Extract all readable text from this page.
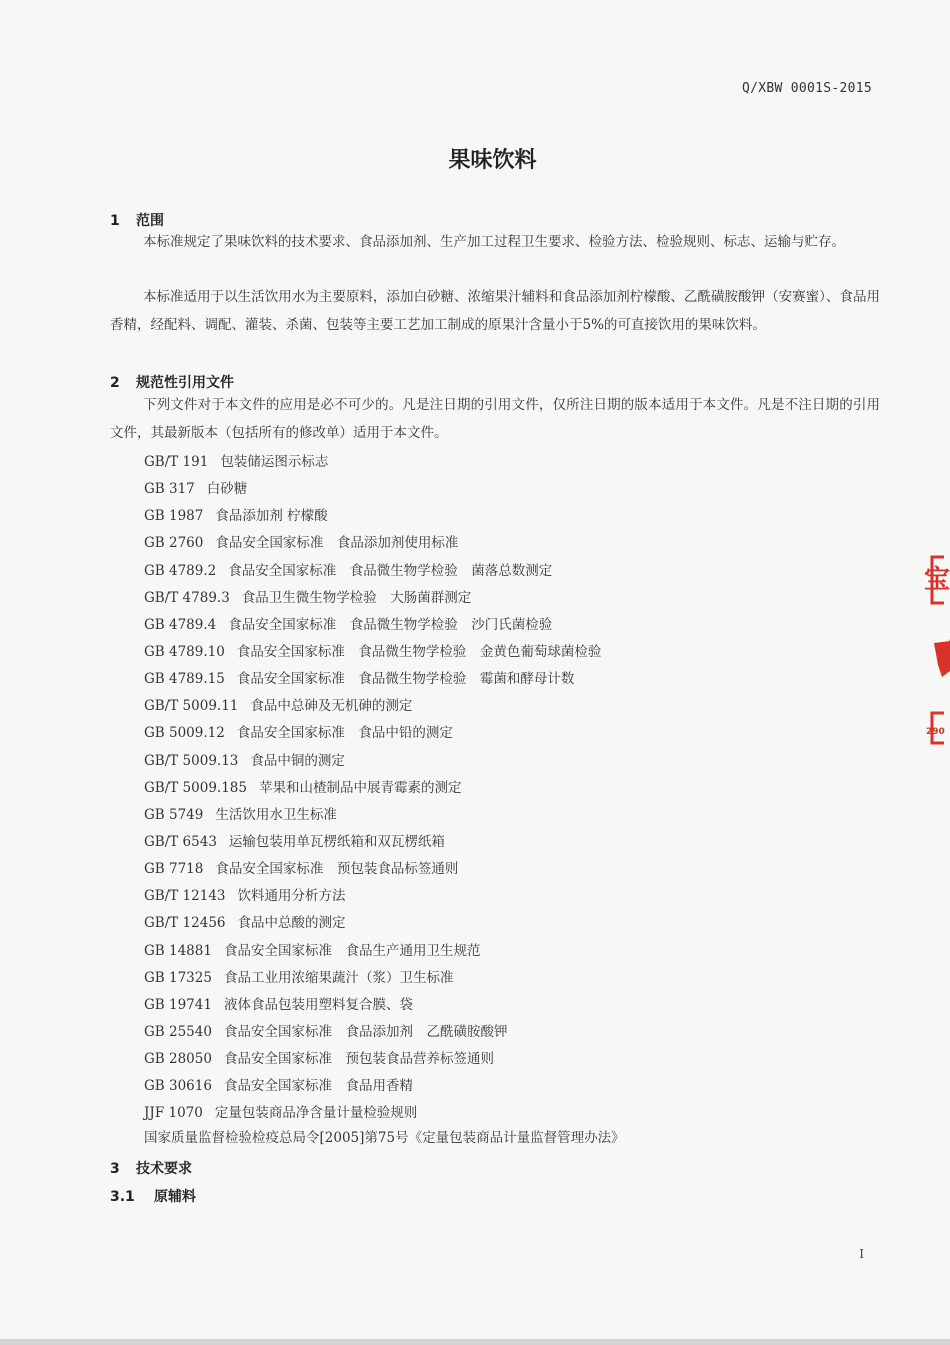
Q/XBW 0001S-2015
果味饮料
1 范围

本标准规定了果味饮料的技术要求、食品添加剂、生产加工过程卫生要求、检验方法、检验规则、标志、运输与贮存。

本标准适用于以生活饮用水为主要原料，添加白砂糖、浓缩果汁辅料和食品添加剂柠檬酸、乙酰磺胺酸钾（安赛蜜）、食品用香精，经配料、调配、灌装、杀菌、包装等主要工艺加工制成的原果汁含量小于5%的可直接饮用的果味饮料。

2 规范性引用文件

下列文件对于本文件的应用是必不可少的。凡是注日期的引用文件，仅所注日期的版本适用于本文件。凡是不注日期的引用文件，其最新版本（包括所有的修改单）适用于本文件。

GB/T 191 包装储运图示标志
GB 317 白砂糖
GB 1987 食品添加剂 柠檬酸
GB 2760 食品安全国家标准　食品添加剂使用标准
GB 4789.2 食品安全国家标准　食品微生物学检验　菌落总数测定
GB/T 4789.3 食品卫生微生物学检验　大肠菌群测定
GB 4789.4 食品安全国家标准　食品微生物学检验　沙门氏菌检验
GB 4789.10 食品安全国家标准　食品微生物学检验　金黄色葡萄球菌检验
GB 4789.15 食品安全国家标准　食品微生物学检验　霉菌和酵母计数
GB/T 5009.11 食品中总砷及无机砷的测定
GB 5009.12 食品安全国家标准　食品中铅的测定
GB/T 5009.13 食品中铜的测定
GB/T 5009.185 苹果和山楂制品中展青霉素的测定
GB 5749 生活饮用水卫生标准
GB/T 6543 运输包装用单瓦楞纸箱和双瓦楞纸箱
GB 7718 食品安全国家标准　预包装食品标签通则
GB/T 12143 饮料通用分析方法
GB/T 12456 食品中总酸的测定
GB 14881 食品安全国家标准　食品生产通用卫生规范
GB 17325 食品工业用浓缩果蔬汁（浆）卫生标准
GB 19741 液体食品包装用塑料复合膜、袋
GB 25540 食品安全国家标准　食品添加剂　乙酰磺胺酸钾
GB 28050 食品安全国家标准　预包装食品营养标签通则
GB 30616 食品安全国家标准　食品用香精
JJF 1070 定量包装商品净含量计量检验规则
国家质量监督检验检疫总局令[2005]第75号《定量包装商品计量监督管理办法》
3 技术要求
3.1 原辅料
宝
290
I
